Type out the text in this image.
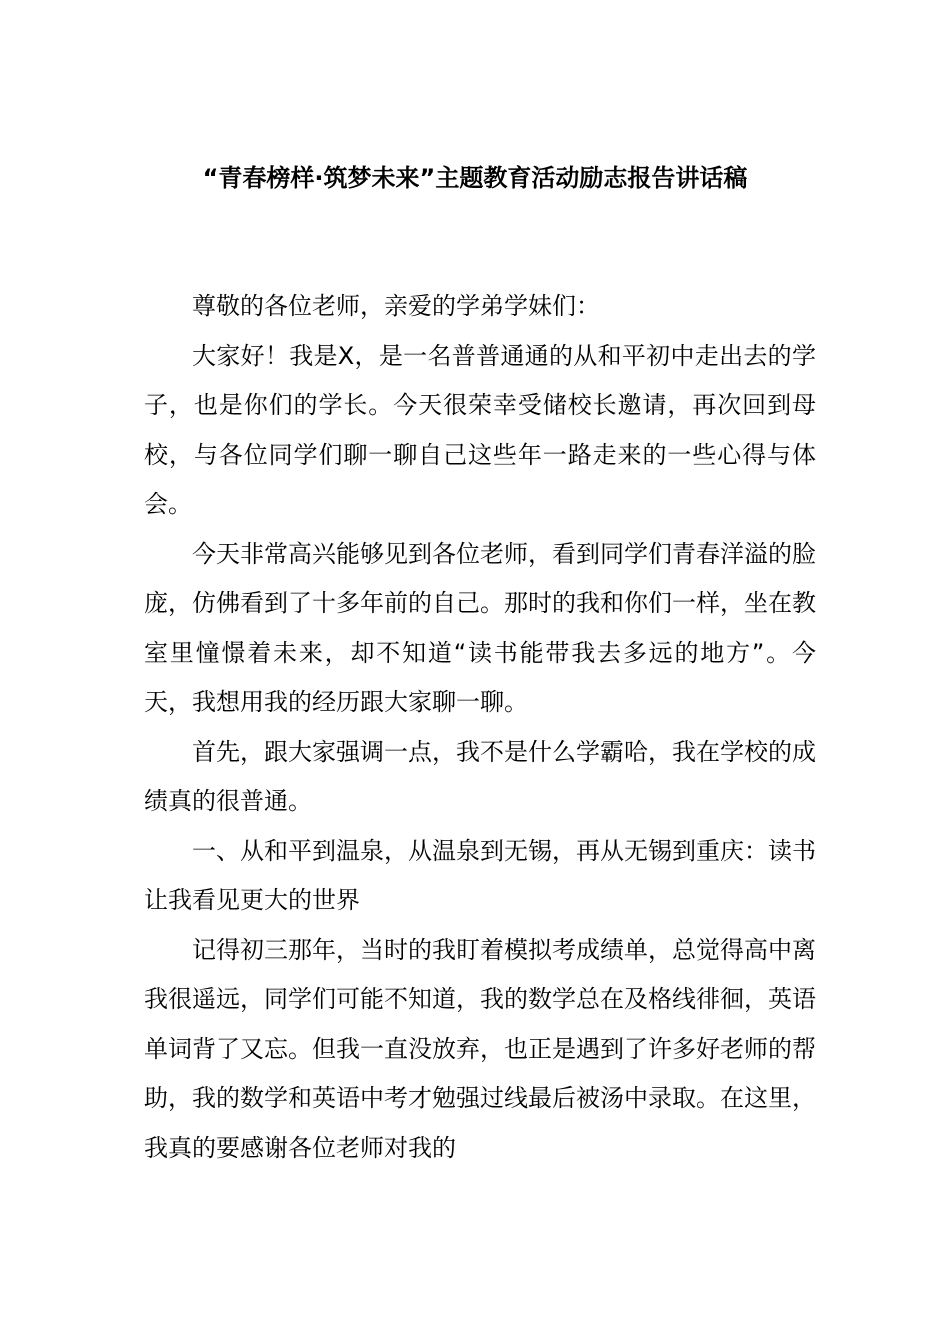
“青春榜样·筑梦未来”主题教育活动励志报告讲话稿

尊敬的各位老师，亲爱的学弟学妹们：

大家好！我是X，是一名普普通通的从和平初中走出去的学子，也是你们的学长。今天很荣幸受储校长邀请，再次回到母校，与各位同学们聊一聊自己这些年一路走来的一些心得与体会。

今天非常高兴能够见到各位老师，看到同学们青春洋溢的脸庞，仿佛看到了十多年前的自己。那时的我和你们一样，坐在教室里憧憬着未来，却不知道“读书能带我去多远的地方”。今天，我想用我的经历跟大家聊一聊。

首先，跟大家强调一点，我不是什么学霸哈，我在学校的成绩真的很普通。

一、从和平到温泉，从温泉到无锡，再从无锡到重庆：读书让我看见更大的世界

记得初三那年，当时的我盯着模拟考成绩单，总觉得高中离我很遥远，同学们可能不知道，我的数学总在及格线徘徊，英语单词背了又忘。但我一直没放弃，也正是遇到了许多好老师的帮助，我的数学和英语中考才勉强过线最后被汤中录取。在这里，我真的要感谢各位老师对我的
